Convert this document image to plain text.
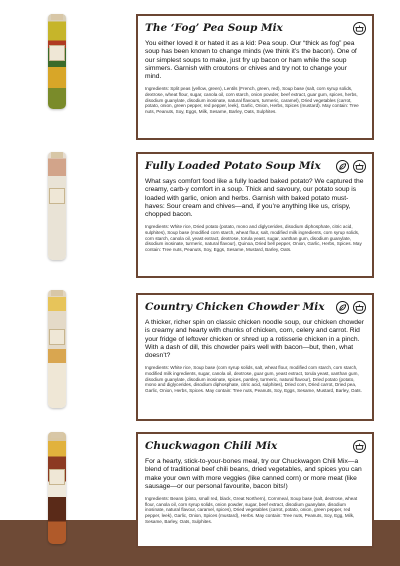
The ‘Fog’ Pea Soup Mix

You either loved it or hated it as a kid: Pea soup. Our “thick as fog” pea soup has been known to change minds (we think it’s the bacon). One of our simplest soups to make, just fry up bacon or ham while the soup simmers. Garnish with croutons or chives and try not to change your mind.

Ingredients: Split peas (yellow, green), Lentils (French, green, red), Soup base (salt, corn syrup solids, dextrose, wheat flour, sugar, canola oil, corn starch, onion powder, beef extract, guar gum, spices, herbs, disodium guanylate, disodium inosinate, natural flavours, turmeric, caramel), Dried vegetables (carrot, potato, onion, green pepper, red pepper, leek), Garlic, Onion, Herbs, Spices (mustard). May contain: Tree nuts, Peanuts, Soy, Eggs, Milk, Sesame, Barley, Oats, Sulphites.

Fully Loaded Potato Soup Mix

What says comfort food like a fully loaded baked potato? We captured the creamy, carb-y comfort in a soup. Thick and savoury, our potato soup is loaded with garlic, onion and herbs. Garnish with baked potato must-haves: Sour cream and chives—and, if you’re anything like us, crispy, chopped bacon.

Ingredients: White rice, Dried potato (potato, mono and diglycerides, disodium diphosphate, citric acid, sulphites), Soup base (modified corn starch, wheat flour, salt, modified milk ingredients, corn syrup solids, corn starch, canola oil, yeast extract, dextrose, torula yeast, sugar, xanthan gum, disodium guanylate, disodium inosinate, turmeric, natural flavour), Quinoa, Dried bell pepper, Onion, Garlic, Herbs, Spices. May contain: Tree nuts, Peanuts, Soy, Eggs, Sesame, Mustard, Barley, Oats.

Country Chicken Chowder Mix

A thicker, richer spin on classic chicken noodle soup, our chicken chowder is creamy and hearty with chunks of chicken, corn, celery and carrot. Rid your fridge of leftover chicken or shred up a rotisserie chicken in a pinch. With a dash of dill, this chowder pairs well with bacon—but, then, what doesn’t?

Ingredients: White rice, Soup base (corn syrup solids, salt, wheat flour, modified corn starch, corn starch, modified milk ingredients, sugar, canola oil, dextrose, guar gum, yeast extract, torula yeast, xanthan gum, disodium guanylate, disodium inosinate, spices, parsley, turmeric, natural flavour), Dried potato (potato, mono and diglycerides, disodium diphosphate, citric acid, sulphites), Dried corn, Dried carrot, Dried pea, Garlic, Onion, Herbs, Spices. May contain: Tree nuts, Peanuts, Soy, Eggs, Sesame, Mustard, Barley, Oats.

Chuckwagon Chili Mix

For a hearty, stick-to-your-bones meal, try our Chuckwagon Chili Mix—a blend of traditional beef chili beans, dried vegetables, and spices you can make your own with more veggies (like canned corn) or more meat (like sausage—or our personal favourite, bacon bits!)

Ingredients: Beans (pinto, small red, black, Great Northern), Cornmeal, Soup base (salt, dextrose, wheat flour, canola oil, corn syrup solids, onion powder, sugar, beef extract, disodium guanylate, disodium inosinate, natural flavour, caramel, spices), Dried vegetables (carrot, potato, onion, green pepper, red pepper, leek), Garlic, Onion, Spices (mustard), Herbs. May contain: Tree nuts, Peanuts, Soy, Egg, Milk, Sesame, Barley, Oats, Sulphites.
